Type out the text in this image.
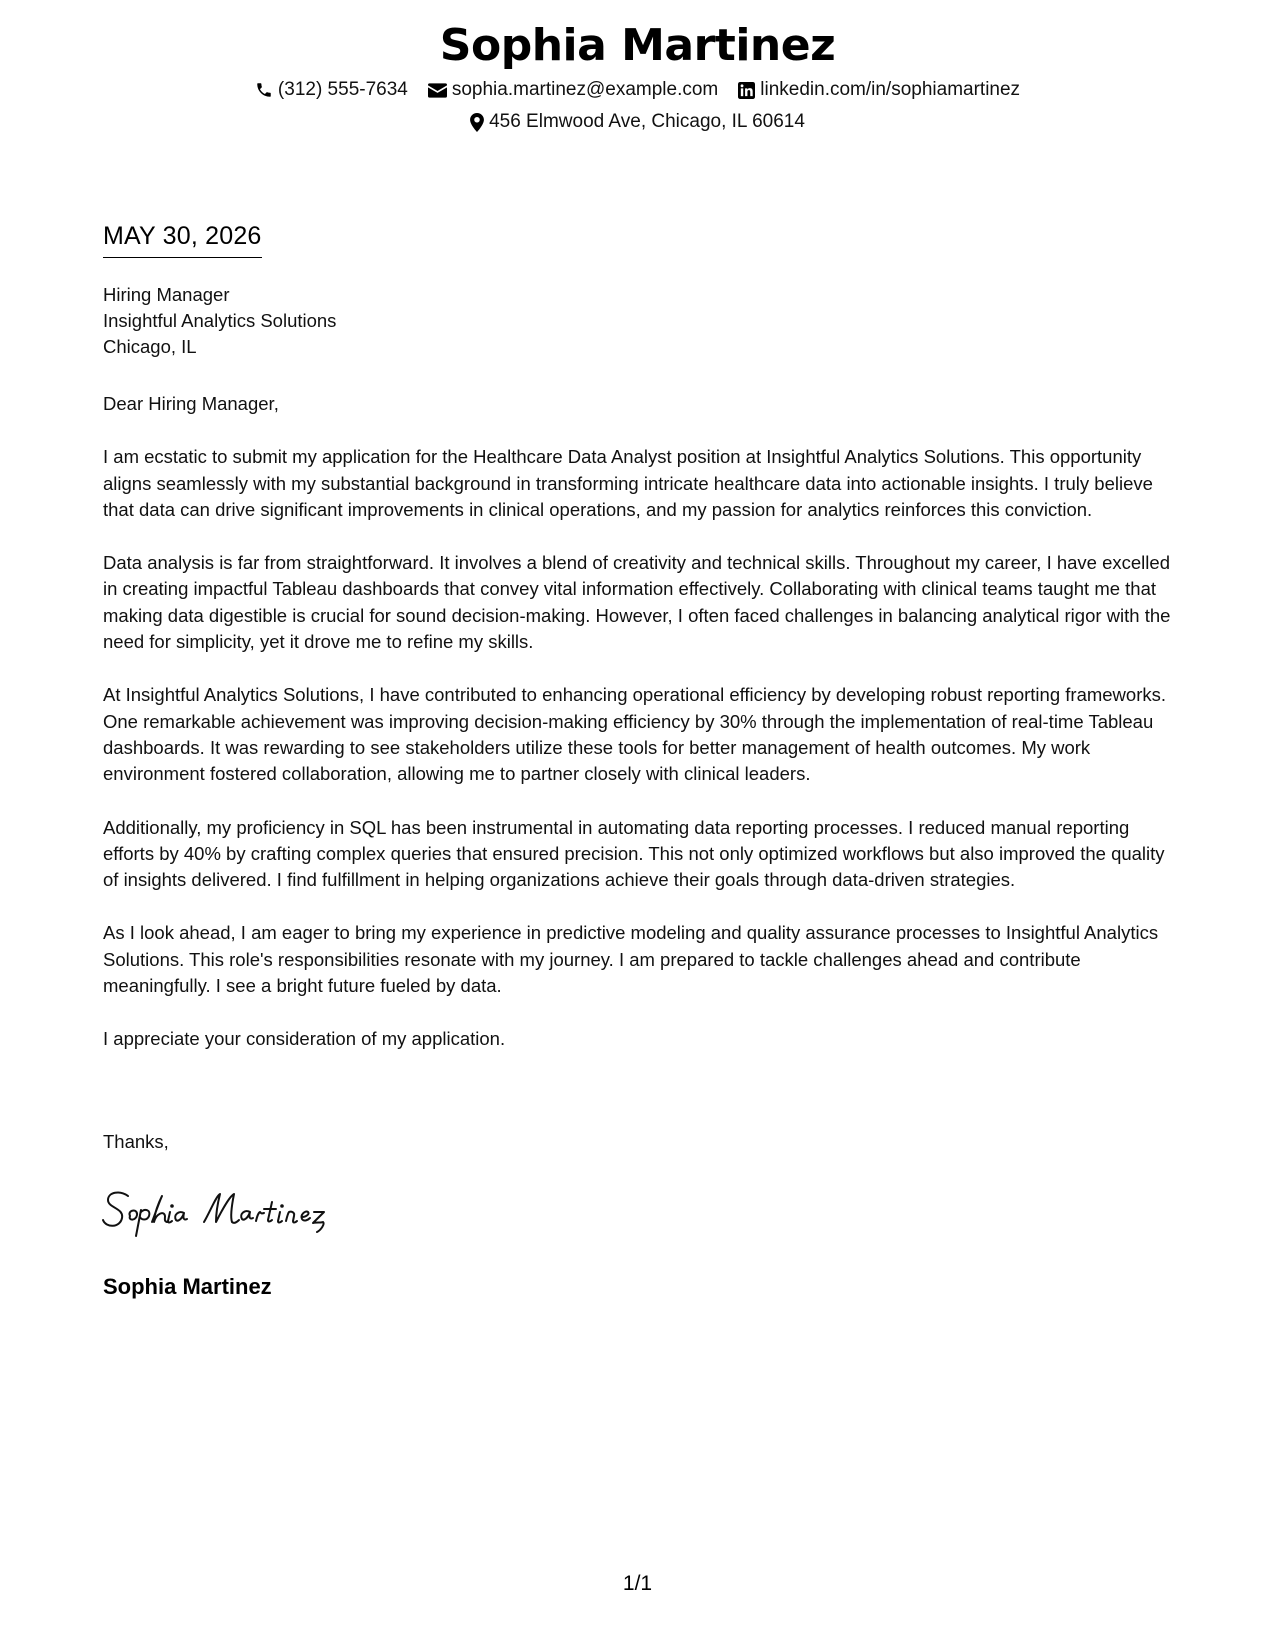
Sophia Martinez
(312) 555-7634 sophia.martinez@example.com linkedin.com/in/sophiamartinez
456 Elmwood Ave, Chicago, IL 60614
MAY 30, 2026
Hiring Manager
Insightful Analytics Solutions
Chicago, IL

Dear Hiring Manager,

I am ecstatic to submit my application for the Healthcare Data Analyst position at Insightful Analytics Solutions. This opportunity aligns seamlessly with my substantial background in transforming intricate healthcare data into actionable insights. I truly believe that data can drive significant improvements in clinical operations, and my passion for analytics reinforces this conviction.

Data analysis is far from straightforward. It involves a blend of creativity and technical skills. Throughout my career, I have excelled in creating impactful Tableau dashboards that convey vital information effectively. Collaborating with clinical teams taught me that making data digestible is crucial for sound decision-making. However, I often faced challenges in balancing analytical rigor with the need for simplicity, yet it drove me to refine my skills.

At Insightful Analytics Solutions, I have contributed to enhancing operational efficiency by developing robust reporting frameworks. One remarkable achievement was improving decision-making efficiency by 30% through the implementation of real-time Tableau dashboards. It was rewarding to see stakeholders utilize these tools for better management of health outcomes. My work environment fostered collaboration, allowing me to partner closely with clinical leaders.

Additionally, my proficiency in SQL has been instrumental in automating data reporting processes. I reduced manual reporting efforts by 40% by crafting complex queries that ensured precision. This not only optimized workflows but also improved the quality of insights delivered. I find fulfillment in helping organizations achieve their goals through data-driven strategies.

As I look ahead, I am eager to bring my experience in predictive modeling and quality assurance processes to Insightful Analytics Solutions. This role's responsibilities resonate with my journey. I am prepared to tackle challenges ahead and contribute meaningfully. I see a bright future fueled by data.

I appreciate your consideration of my application.

Thanks,
Sophia Martinez
1/1
